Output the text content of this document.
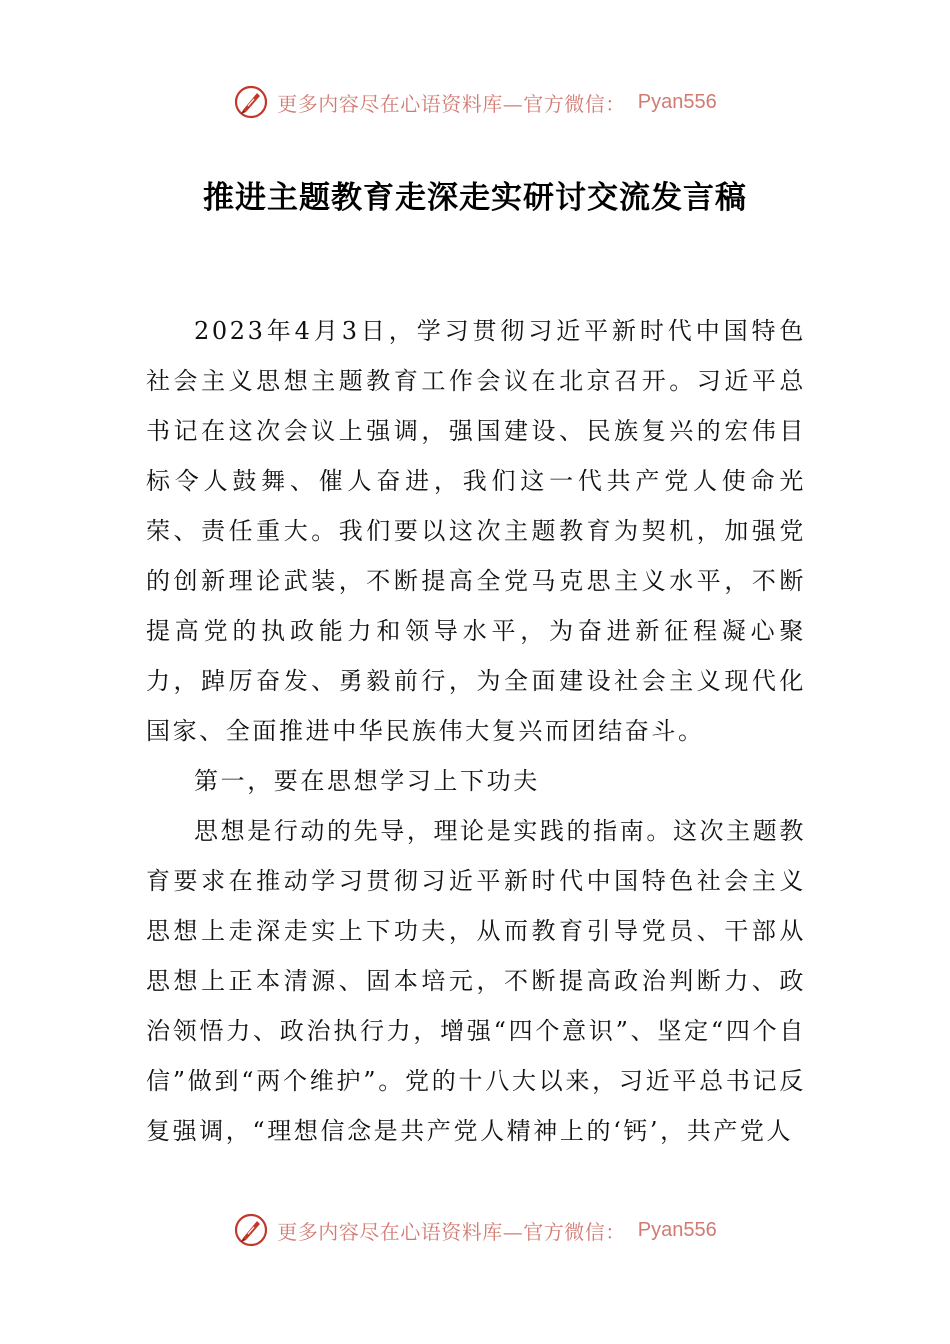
更多内容尽在心语资料库—官方微信： Pyan556
推进主题教育走深走实研讨交流发言稿

2023年4月3日，学习贯彻习近平新时代中国特色社会主义思想主题教育工作会议在北京召开。习近平总书记在这次会议上强调，强国建设、民族复兴的宏伟目标令人鼓舞、催人奋进，我们这一代共产党人使命光荣、责任重大。我们要以这次主题教育为契机，加强党的创新理论武装，不断提高全党马克思主义水平，不断提高党的执政能力和领导水平，为奋进新征程凝心聚力，踔厉奋发、勇毅前行，为全面建设社会主义现代化国家、全面推进中华民族伟大复兴而团结奋斗。

第一，要在思想学习上下功夫

思想是行动的先导，理论是实践的指南。这次主题教育要求在推动学习贯彻习近平新时代中国特色社会主义思想上走深走实上下功夫，从而教育引导党员、干部从思想上正本清源、固本培元，不断提高政治判断力、政治领悟力、政治执行力，增强“四个意识”、坚定“四个自信”做到“两个维护”。党的十八大以来，习近平总书记反复强调，“理想信念是共产党人精神上的‘钙’，共产党人

更多内容尽在心语资料库—官方微信： Pyan556
